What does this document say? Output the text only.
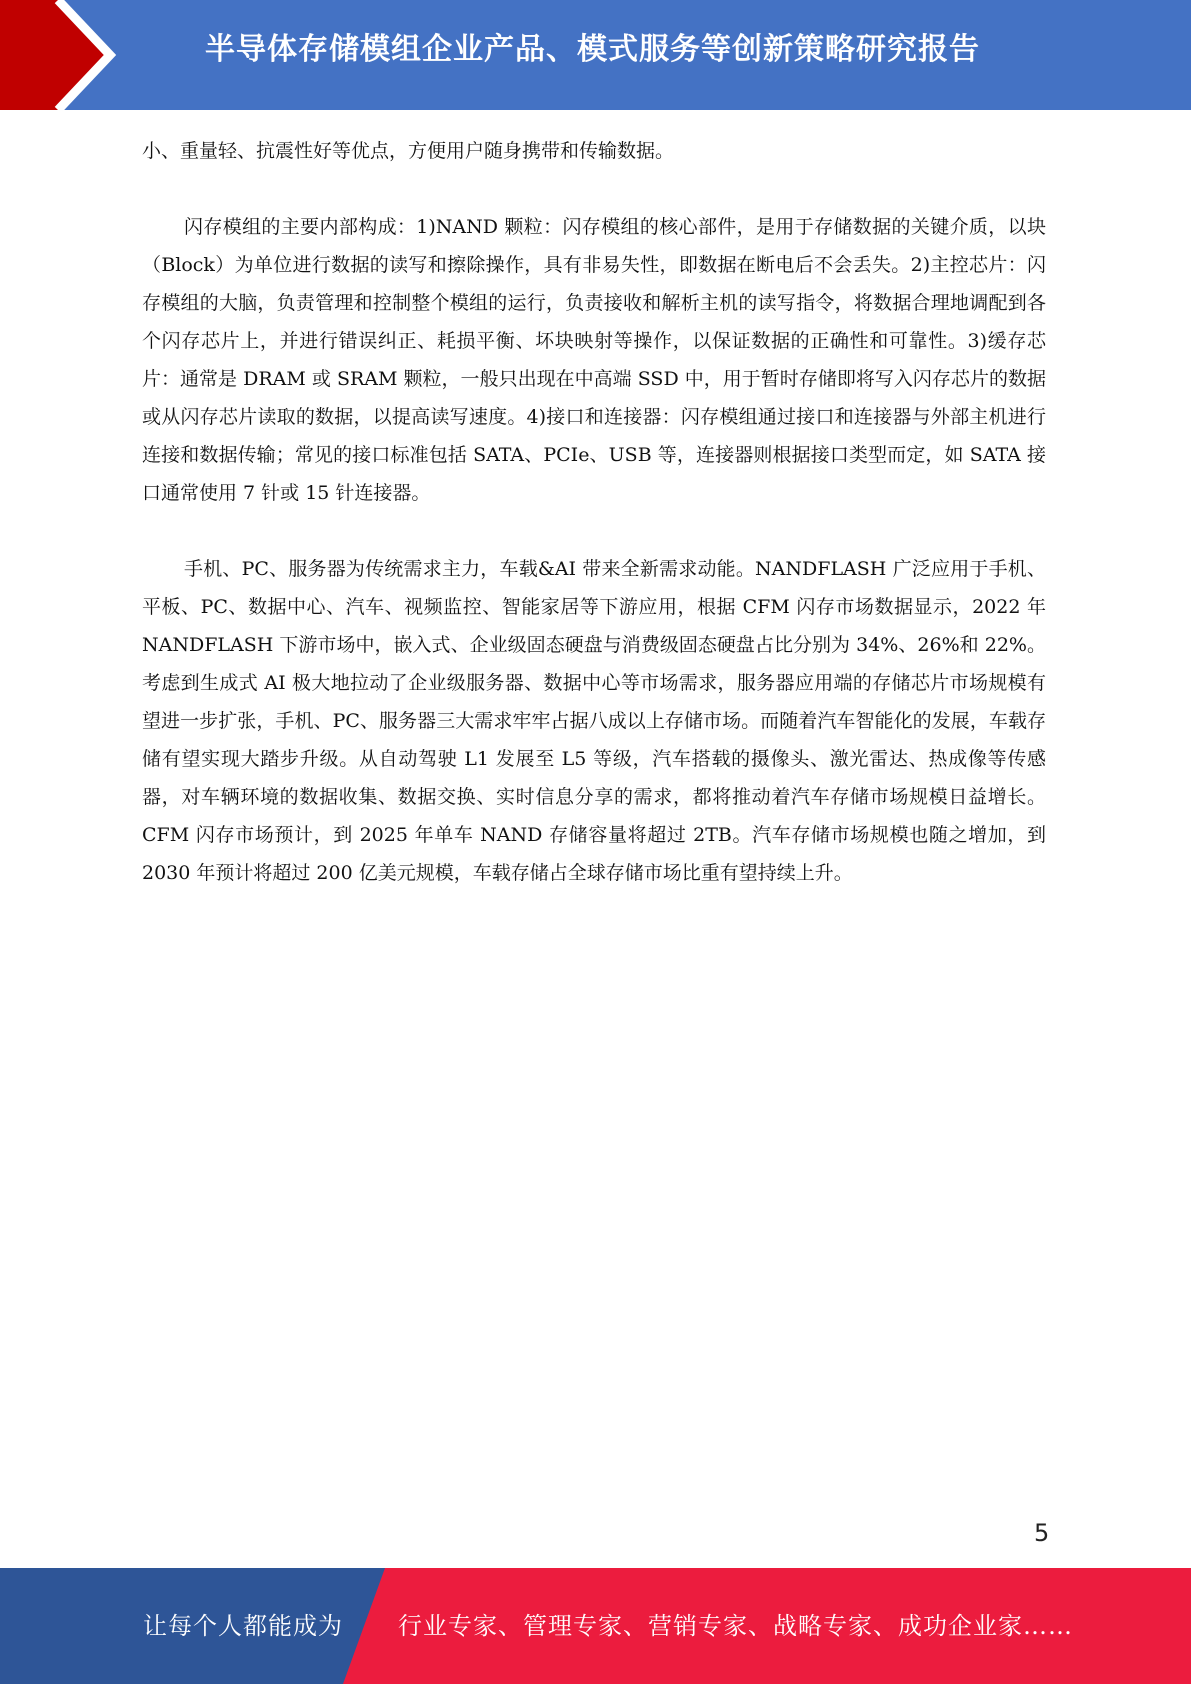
半导体存储模组企业产品、模式服务等创新策略研究报告

小、重量轻、抗震性好等优点，方便用户随身携带和传输数据。

闪存模组的主要内部构成：1)NAND 颗粒：闪存模组的核心部件，是用于存储数据的关键介质，以块（Block）为单位进行数据的读写和擦除操作，具有非易失性，即数据在断电后不会丢失。2)主控芯片：闪存模组的大脑，负责管理和控制整个模组的运行，负责接收和解析主机的读写指令，将数据合理地调配到各个闪存芯片上，并进行错误纠正、耗损平衡、坏块映射等操作，以保证数据的正确性和可靠性。3)缓存芯片：通常是 DRAM 或 SRAM 颗粒，一般只出现在中高端 SSD 中，用于暂时存储即将写入闪存芯片的数据或从闪存芯片读取的数据，以提高读写速度。4)接口和连接器：闪存模组通过接口和连接器与外部主机进行连接和数据传输；常见的接口标准包括 SATA、PCIe、USB 等，连接器则根据接口类型而定，如 SATA 接口通常使用 7 针或 15 针连接器。

手机、PC、服务器为传统需求主力，车载&AI 带来全新需求动能。NANDFLASH 广泛应用于手机、平板、PC、数据中心、汽车、视频监控、智能家居等下游应用，根据 CFM 闪存市场数据显示，2022 年 NANDFLASH 下游市场中，嵌入式、企业级固态硬盘与消费级固态硬盘占比分别为 34%、26%和 22%。考虑到生成式 AI 极大地拉动了企业级服务器、数据中心等市场需求，服务器应用端的存储芯片市场规模有望进一步扩张，手机、PC、服务器三大需求牢牢占据八成以上存储市场。而随着汽车智能化的发展，车载存储有望实现大踏步升级。从自动驾驶 L1 发展至 L5 等级，汽车搭载的摄像头、激光雷达、热成像等传感器，对车辆环境的数据收集、数据交换、实时信息分享的需求，都将推动着汽车存储市场规模日益增长。CFM 闪存市场预计，到 2025 年单车 NAND 存储容量将超过 2TB。汽车存储市场规模也随之增加，到 2030 年预计将超过 200 亿美元规模，车载存储占全球存储市场比重有望持续上升。

5
让每个人都能成为 行业专家、管理专家、营销专家、战略专家、成功企业家……
